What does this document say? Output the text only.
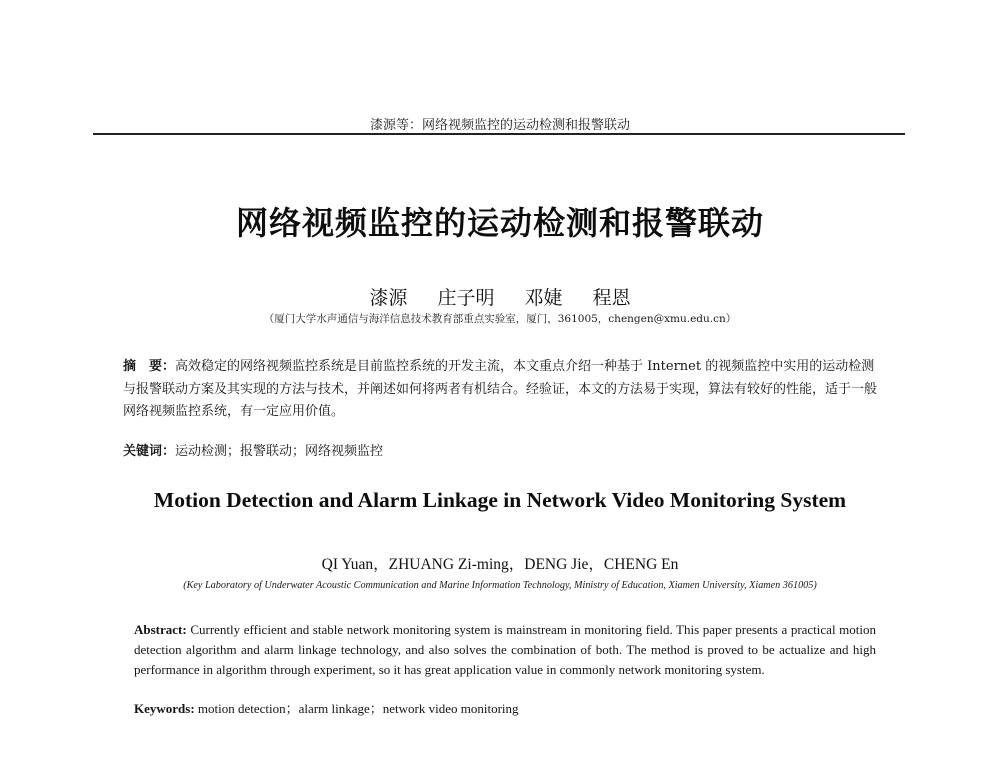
漆源等：网络视频监控的运动检测和报警联动
网络视频监控的运动检测和报警联动
漆源 庄子明 邓婕 程恩
（厦门大学水声通信与海洋信息技术教育部重点实验室，厦门，361005，chengen@xmu.edu.cn）
摘　要：高效稳定的网络视频监控系统是目前监控系统的开发主流，本文重点介绍一种基于 Internet 的视频监控中实用的运动检测与报警联动方案及其实现的方法与技术，并阐述如何将两者有机结合。经验证，本文的方法易于实现，算法有较好的性能，适于一般网络视频监控系统，有一定应用价值。
关键词：运动检测；报警联动；网络视频监控
Motion Detection and Alarm Linkage in Network Video Monitoring System
QI Yuan，ZHUANG Zi-ming，DENG Jie，CHENG En
(Key Laboratory of Underwater Acoustic Communication and Marine Information Technology, Ministry of Education, Xiamen University, Xiamen 361005)
Abstract: Currently efficient and stable network monitoring system is mainstream in monitoring field. This paper presents a practical motion detection algorithm and alarm linkage technology, and also solves the combination of both. The method is proved to be actualize and high performance in algorithm through experiment, so it has great application value in commonly network monitoring system.
Keywords: motion detection；alarm linkage；network video monitoring
